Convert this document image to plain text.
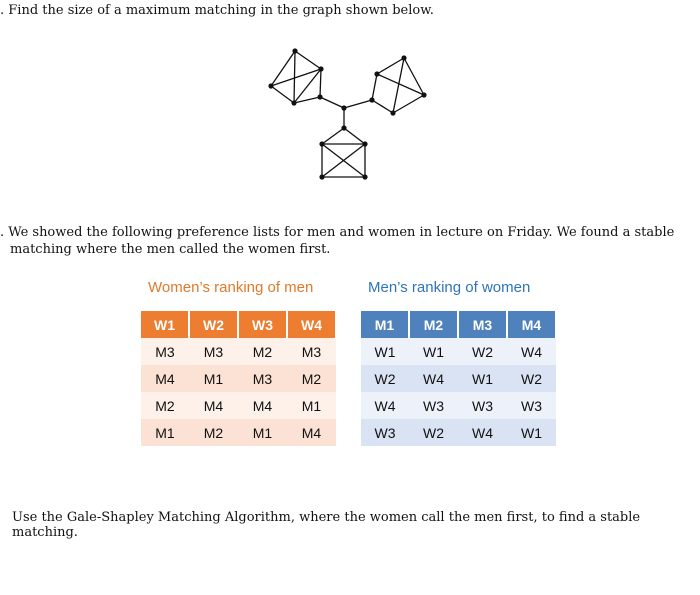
. Find the size of a maximum matching in the graph shown below.
. We showed the following preference lists for men and women in lecture on Friday. We found a stable
matching where the men called the women first.
Women’s ranking of men	Men’s ranking of women
W1	W2	W3	W4
M3	M3	M2	M3
M4	M1	M3	M2
M2	M4	M4	M1
M1	M2	M1	M4
M1	M2	M3	M4
W1	W1	W2	W4
W2	W4	W1	W2
W4	W3	W3	W3
W3	W2	W4	W1
Use the Gale-Shapley Matching Algorithm, where the women call the men first, to find a stable matching.
